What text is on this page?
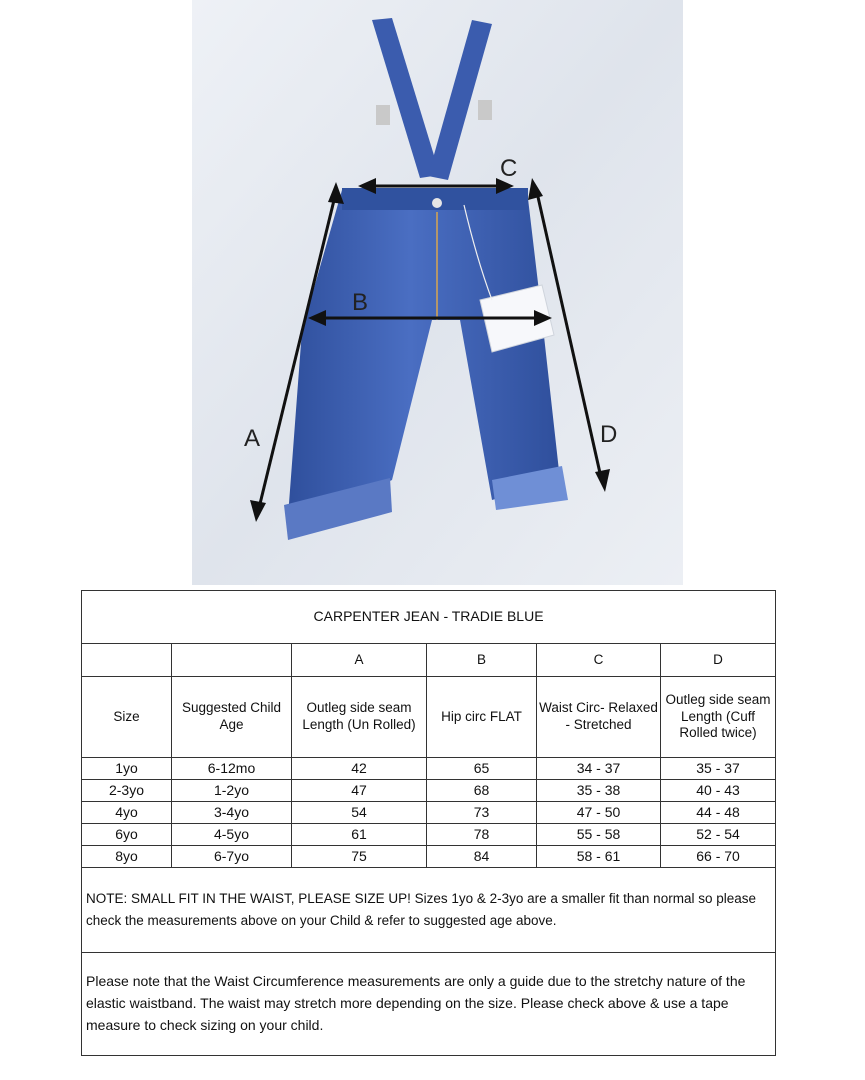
A
B
C
D
CARPENTER JEAN - TRADIE BLUE					
		A	B	C	D
Size	Suggested Child Age	Outleg side seam Length (Un Rolled)	Hip circ FLAT	Waist Circ- Relaxed - Stretched	Outleg side seam Length (Cuff Rolled twice)

1yo	6-12mo	42	65	34 - 37	35 - 37
2-3yo	1-2yo	47	68	35 - 38	40 - 43
4yo	3-4yo	54	73	47 - 50	44 - 48
6yo	4-5yo	61	78	55 - 58	52 - 54
8yo	6-7yo	75	84	58 - 61	66 - 70
NOTE: SMALL FIT IN THE WAIST, PLEASE SIZE UP! Sizes 1yo & 2-3yo are a smaller fit than normal so please check the measurements above on your Child & refer to suggested age above.					
Please note that the Waist Circumference measurements are only a guide due to the stretchy nature of the elastic waistband. The waist may stretch more depending on the size. Please check above & use a tape measure to check sizing on your child.					
